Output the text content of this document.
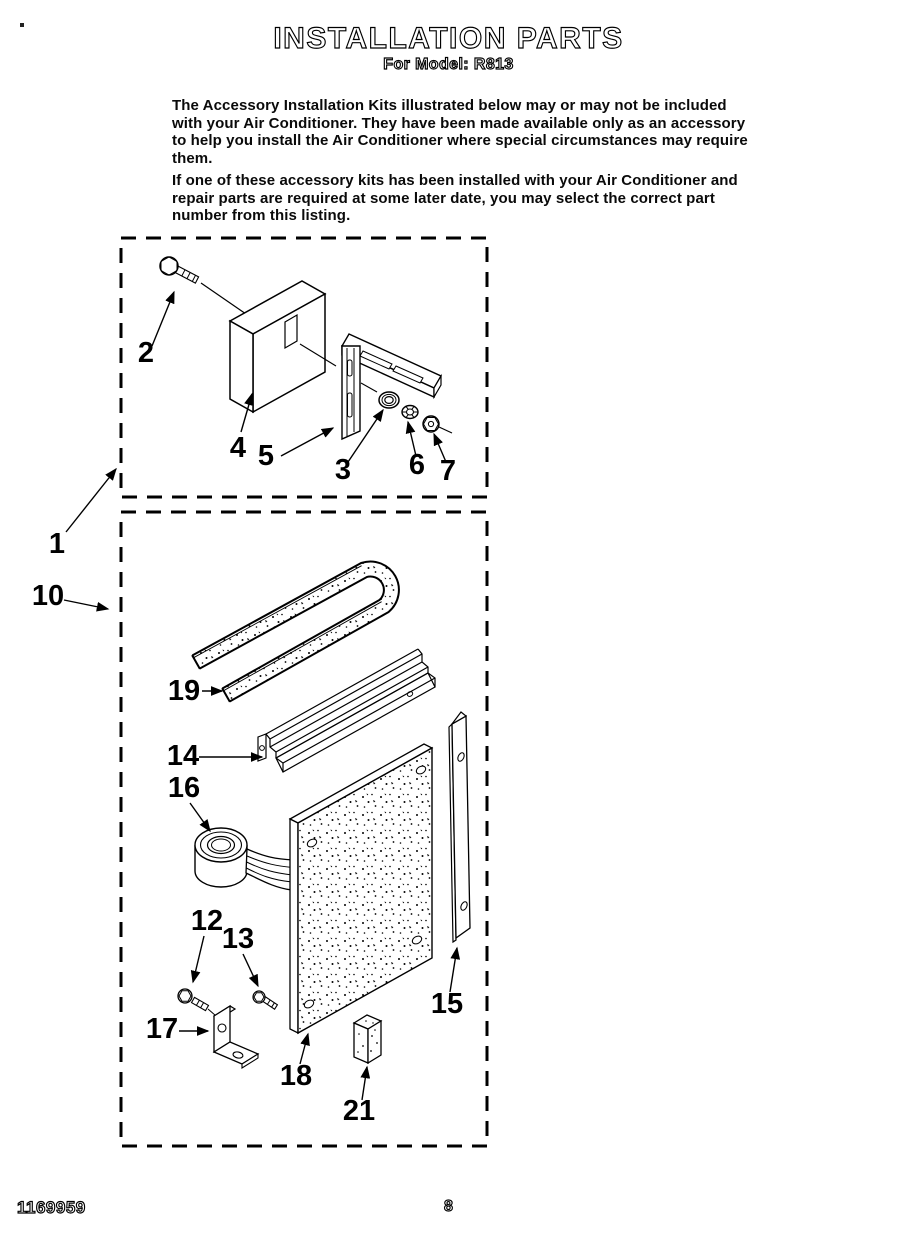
INSTALLATION PARTS
For Model: R813
The Accessory Installation Kits illustrated below may or may not be included with your Air Conditioner. They have been made available only as an accessory to help you install the Air Conditioner where special circumstances may require them.
If one of these accessory kits has been installed with your Air Conditioner and repair parts are required at some later date, you may select the correct part number from this listing.
2
4 5 3 6 7
1
10
19
14
16
12
13
17
18
15
21
1169959	8
